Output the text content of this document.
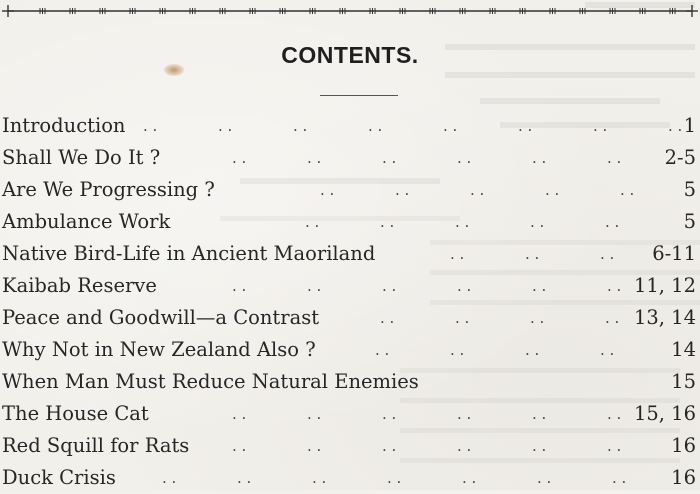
CONTENTS.
Introduction . .	. .	. .	. .	. .	. .	. .	. . 1
Shall We Do It ?	. .	. .	. .	. .	. .	. . 2-5
Are We Progressing ?	. .	. .	. .	. .	. .	5
Ambulance Work	. .	. .	. .	. .	. .	5
Native Bird-Life in Ancient Maoriland	. .	. .	. . 6-11
Kaibab Reserve	. .	. .	. .	. .	. .	. . 11, 12
Peace and Goodwill—a Contrast	. .	. .	. .	. . 13, 14
Why Not in New Zealand Also ?	. .	. .	. .	. .	14
When Man Must Reduce Natural Enemies	15
The House Cat	. .	. .	. .	. .	. .	. . 15, 16
Red Squill for Rats	. .	. .	. .	. .	. .	. .	16
Duck Crisis	. .	. .	. .	. .	. .	. .	. . 16
